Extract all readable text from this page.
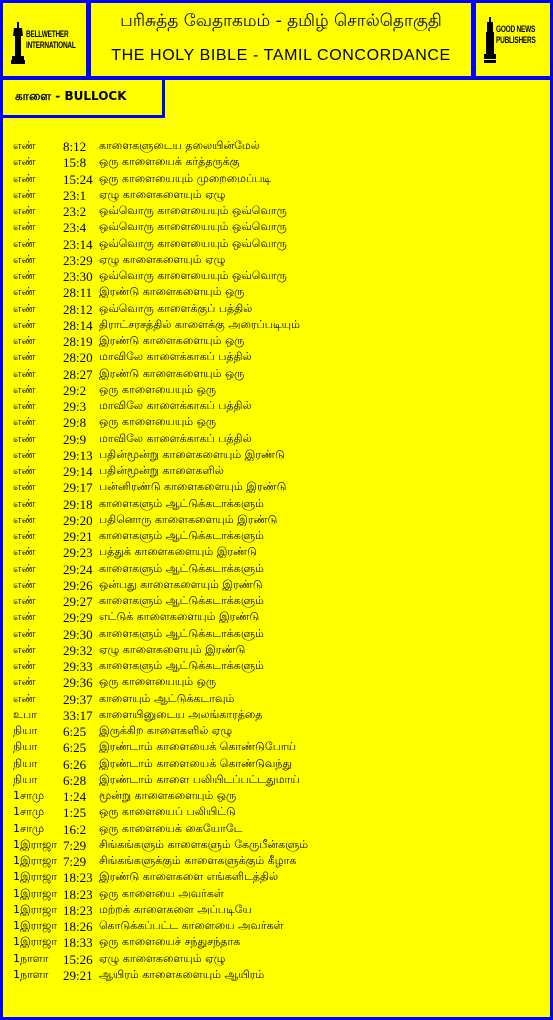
BELLWETHER INTERNATIONAL
பரிசுத்த வேதாகமம் - தமிழ் சொல்தொகுதி
THE HOLY BIBLE - TAMIL CONCORDANCE
GOOD NEWS PUBLISHERS
எண் 8:12 காளைகளுடைய தலையின்மேல்
எண் 15:8 ஒரு காளையைக் கர்த்தருக்கு
எண் 15:24 ஒரு காளையையும் முறைமைப்படி
எண் 23:1 ஏழு காளைகளையும் ஏழு
எண் 23:2 ஒவ்வொரு காளையையும் ஒவ்வொரு
எண் 23:4 ஒவ்வொரு காளையையும் ஒவ்வொரு
எண் 23:14 ஒவ்வொரு காளையையும் ஒவ்வொரு
எண் 23:29 ஏழு காளைகளையும் ஏழு
எண் 23:30 ஒவ்வொரு காளையையும் ஒவ்வொரு
எண் 28:11 இரண்டு காளைகளையும் ஒரு
எண் 28:12 ஒவ்வொரு காளைக்குப் பத்தில்
எண் 28:14 திராட்சரசத்தில் காளைக்கு அரைப்படியும்
எண் 28:19 இரண்டு காளைகளையும் ஒரு
எண் 28:20 மாவிலே காளைக்காகப் பத்தில்
எண் 28:27 இரண்டு காளைகளையும் ஒரு
எண் 29:2 ஒரு காளையையும் ஒரு
எண் 29:3 மாவிலே காளைக்காகப் பத்தில்
எண் 29:8 ஒரு காளையையும் ஒரு
எண் 29:9 மாவிலே காளைக்காகப் பத்தில்
எண் 29:13 பதின்மூன்று காளைகளையும் இரண்டு
எண் 29:14 பதின்மூன்று காளைகளில்
எண் 29:17 பன்னிரண்டு காளைகளையும் இரண்டு
எண் 29:18 காளைகளும் ஆட்டுக்கடாக்களும்
எண் 29:20 பதினொரு காளைகளையும் இரண்டு
எண் 29:21 காளைகளும் ஆட்டுக்கடாக்களும்
எண் 29:23 பத்துக் காளைகளையும் இரண்டு
எண் 29:24 காளைகளும் ஆட்டுக்கடாக்களும்
எண் 29:26 ஒன்பது காளைகளையும் இரண்டு
எண் 29:27 காளைகளும் ஆட்டுக்கடாக்களும்
எண் 29:29 எட்டுக் காளைகளையும் இரண்டு
எண் 29:30 காளைகளும் ஆட்டுக்கடாக்களும்
எண் 29:32 ஏழு காளைகளையும் இரண்டு
எண் 29:33 காளைகளும் ஆட்டுக்கடாக்களும்
எண் 29:36 ஒரு காளையையும் ஒரு
எண் 29:37 காளையும் ஆட்டுக்கடாவும்
உபா 33:17 காளையினுடைய அலங்காரத்தை
நியா 6:25 இருக்கிற காளைகளில் ஏழு
நியா 6:25 இரண்டாம் காளையைக் கொண்டுபோய்
நியா 6:26 இரண்டாம் காளையைக் கொண்டுவந்து
நியா 6:28 இரண்டாம் காளை பலியிடப்பட்டதுமாய்
1சாமு 1:24 மூன்று காளைகளையும் ஒரு
1சாமு 1:25 ஒரு காளையைப் பலியிட்டு
1சாமு 16:2 ஒரு காளையைக் கையோடே
1இராஜா 7:29 சிங்கங்களும் காளைகளும் கேருபீன்களும்
1இராஜா 7:29 சிங்கங்களுக்கும் காளைகளுக்கும் கீழாக
1இராஜா 18:23 இரண்டு காளைகளை எங்களிடத்தில்
1இராஜா 18:23 ஒரு காளையை அவர்கள்
1இராஜா 18:23 மற்றக் காளைகளை அப்படியே
1இராஜா 18:26 கொடுக்கப்பட்ட காளையை அவர்கள்
1இராஜா 18:33 ஒரு காளையைச் சந்துசந்தாக
1நாளா 15:26 ஏழு காளைகளையும் ஏழு
1நாளா 29:21 ஆயிரம் காளைகளையும் ஆயிரம்
காளை - BULLOCK
